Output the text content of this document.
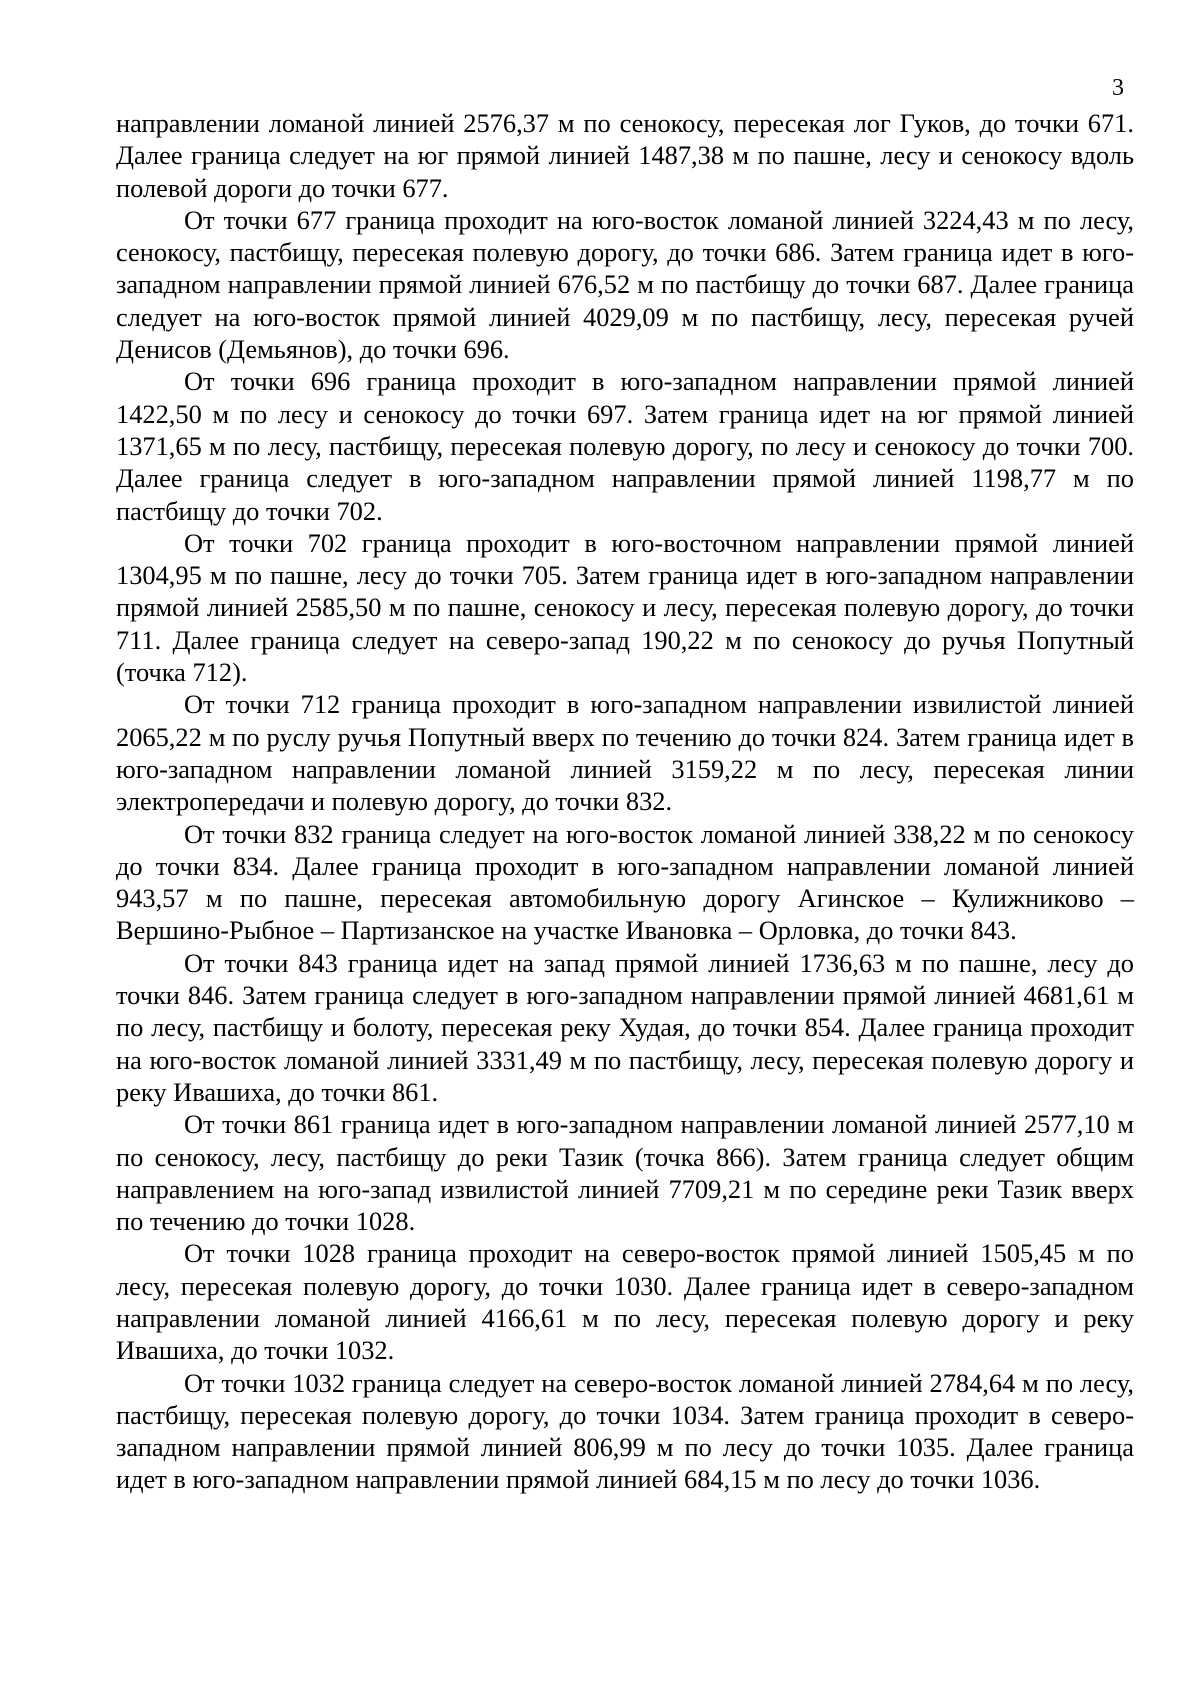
3

направлении ломаной линией 2576,37 м по сенокосу, пересекая лог Гуков, до точки 671. Далее граница следует на юг прямой линией 1487,38 м по пашне, лесу и сенокосу вдоль полевой дороги до точки 677.

От точки 677 граница проходит на юго-восток ломаной линией 3224,43 м по лесу, сенокосу, пастбищу, пересекая полевую дорогу, до точки 686. Затем граница идет в юго-западном направлении прямой линией 676,52 м по пастбищу до точки 687. Далее граница следует на юго-восток прямой линией 4029,09 м по пастбищу, лесу, пересекая ручей Денисов (Демьянов), до точки 696.

От точки 696 граница проходит в юго-западном направлении прямой линией 1422,50 м по лесу и сенокосу до точки 697. Затем граница идет на юг прямой линией 1371,65 м по лесу, пастбищу, пересекая полевую дорогу, по лесу и сенокосу до точки 700. Далее граница следует в юго-западном направлении прямой линией 1198,77 м по пастбищу до точки 702.

От точки 702 граница проходит в юго-восточном направлении прямой линией 1304,95 м по пашне, лесу до точки 705. Затем граница идет в юго-западном направлении прямой линией 2585,50 м по пашне, сенокосу и лесу, пересекая полевую дорогу, до точки 711. Далее граница следует на северо-запад 190,22 м по сенокосу до ручья Попутный (точка 712).

От точки 712 граница проходит в юго-западном направлении извилистой линией 2065,22 м по руслу ручья Попутный вверх по течению до точки 824. Затем граница идет в юго-западном направлении ломаной линией 3159,22 м по лесу, пересекая линии электропередачи и полевую дорогу, до точки 832.

От точки 832 граница следует на юго-восток ломаной линией 338,22 м по сенокосу до точки 834. Далее граница проходит в юго-западном направлении ломаной линией 943,57 м по пашне, пересекая автомобильную дорогу Агинское – Кулижниково – Вершино-Рыбное – Партизанское на участке Ивановка – Орловка, до точки 843.

От точки 843 граница идет на запад прямой линией 1736,63 м по пашне, лесу до точки 846. Затем граница следует в юго-западном направлении прямой линией 4681,61 м по лесу, пастбищу и болоту, пересекая реку Худая, до точки 854. Далее граница проходит на юго-восток ломаной линией 3331,49 м по пастбищу, лесу, пересекая полевую дорогу и реку Ивашиха, до точки 861.

От точки 861 граница идет в юго-западном направлении ломаной линией 2577,10 м по сенокосу, лесу, пастбищу до реки Тазик (точка 866). Затем граница следует общим направлением на юго-запад извилистой линией 7709,21 м по середине реки Тазик вверх по течению до точки 1028.

От точки 1028 граница проходит на северо-восток прямой линией 1505,45 м по лесу, пересекая полевую дорогу, до точки 1030. Далее граница идет в северо-западном направлении ломаной линией 4166,61 м по лесу, пересекая полевую дорогу и реку Ивашиха, до точки 1032.

От точки 1032 граница следует на северо-восток ломаной линией 2784,64 м по лесу, пастбищу, пересекая полевую дорогу, до точки 1034. Затем граница проходит в северо-западном направлении прямой линией 806,99 м по лесу до точки 1035. Далее граница идет в юго-западном направлении прямой линией 684,15 м по лесу до точки 1036.
